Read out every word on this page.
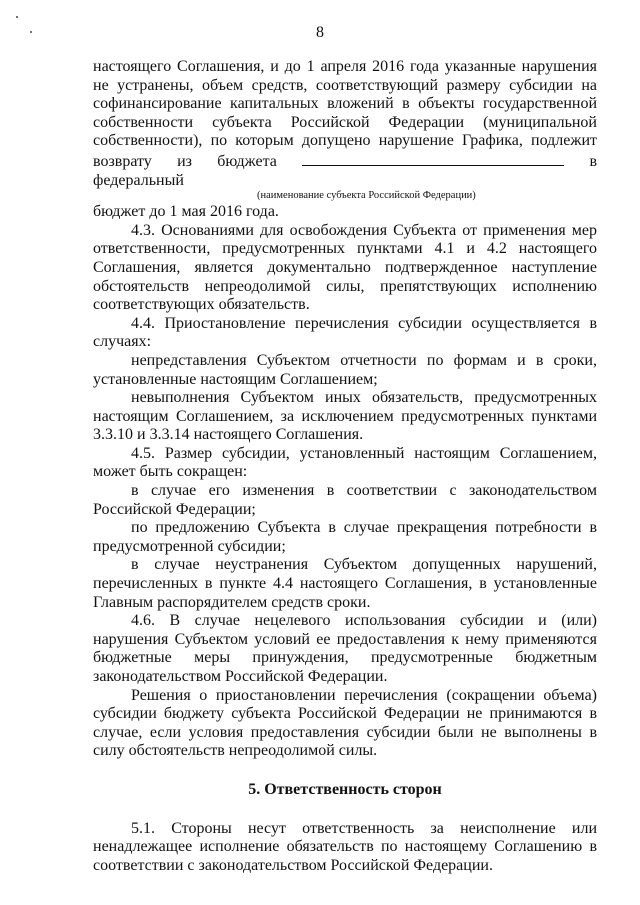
8

настоящего Соглашения, и до 1 апреля 2016 года указанные нарушения не устранены, объем средств, соответствующий размеру субсидии на софинансирование капитальных вложений в объекты государственной собственности субъекта Российской Федерации (муниципальной собственности), по которым допущено нарушение Графика, подлежит возврату из бюджета	в федеральный

(наименование субъекта Российской Федерации)

бюджет до 1 мая 2016 года.

4.3. Основаниями для освобождения Субъекта от применения мер ответственности, предусмотренных пунктами 4.1 и 4.2 настоящего Соглашения, является документально подтвержденное наступление обстоятельств непреодолимой силы, препятствующих исполнению соответствующих обязательств.

4.4. Приостановление перечисления субсидии осуществляется в случаях:

непредставления Субъектом отчетности по формам и в сроки, установленные настоящим Соглашением;

невыполнения Субъектом иных обязательств, предусмотренных настоящим Соглашением, за исключением предусмотренных пунктами 3.3.10 и 3.3.14 настоящего Соглашения.

4.5. Размер субсидии, установленный настоящим Соглашением, может быть сокращен:

в случае его изменения в соответствии с законодательством Российской Федерации;

по предложению Субъекта в случае прекращения потребности в предусмотренной субсидии;

в случае неустранения Субъектом допущенных нарушений, перечисленных в пункте 4.4 настоящего Соглашения, в установленные Главным распорядителем средств сроки.

4.6. В случае нецелевого использования субсидии и (или) нарушения Субъектом условий ее предоставления к нему применяются бюджетные меры принуждения, предусмотренные бюджетным законодательством Российской Федерации.

Решения о приостановлении перечисления (сокращении объема) субсидии бюджету субъекта Российской Федерации не принимаются в случае, если условия предоставления субсидии были не выполнены в силу обстоятельств непреодолимой силы.

5. Ответственность сторон

5.1. Стороны несут ответственность за неисполнение или ненадлежащее исполнение обязательств по настоящему Соглашению в соответствии с законодательством Российской Федерации.
